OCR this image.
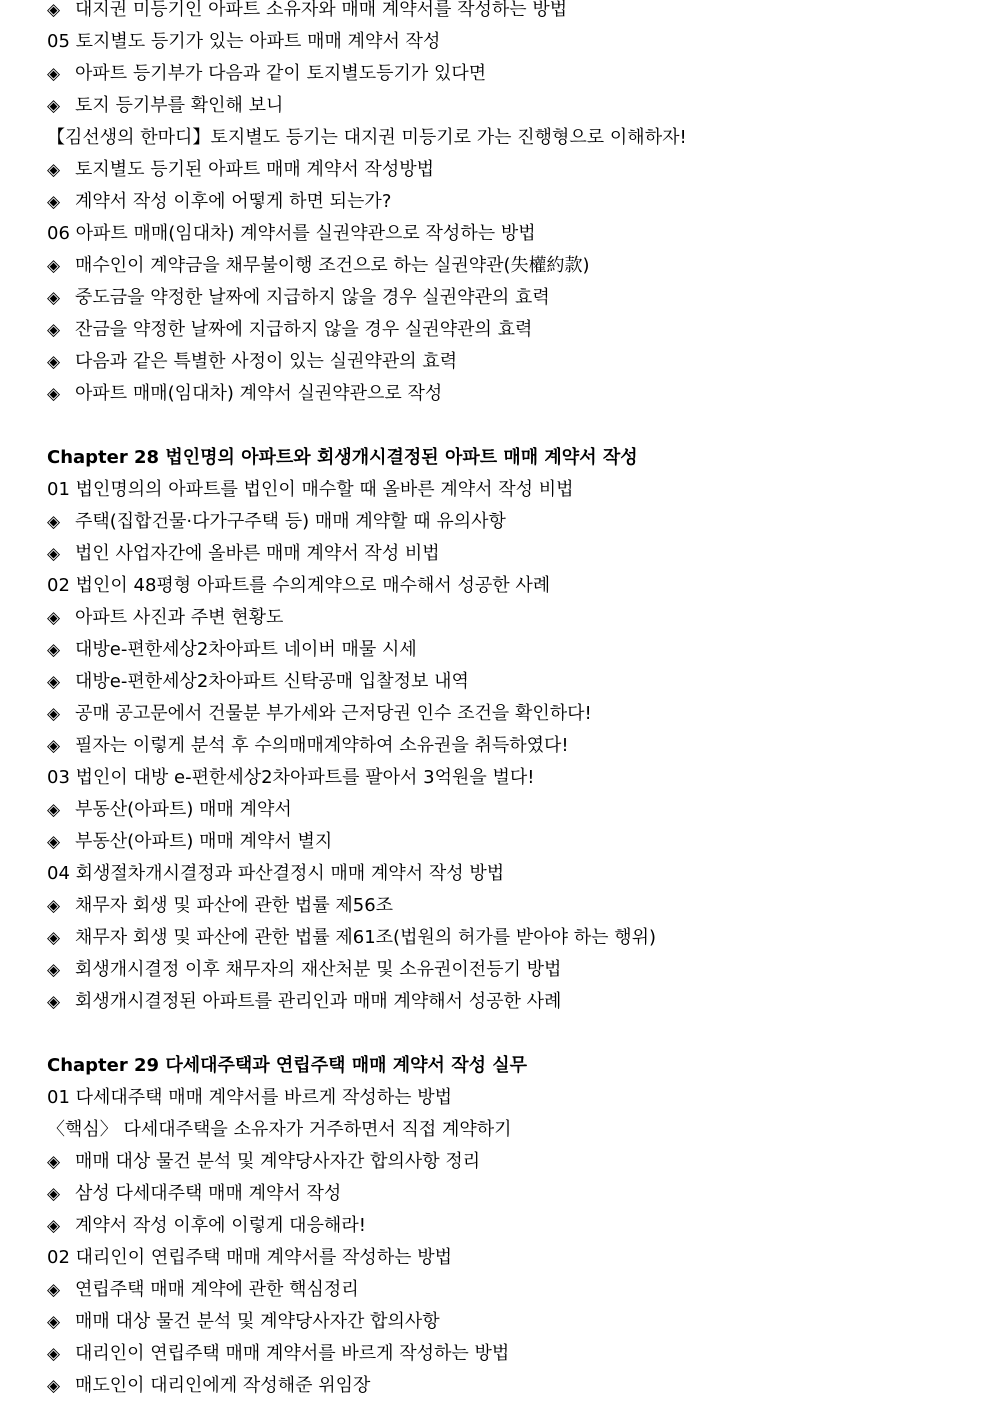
◈ 대지권 미등기인 아파트 소유자와 매매 계약서를 작성하는 방법
05 토지별도 등기가 있는 아파트 매매 계약서 작성
◈ 아파트 등기부가 다음과 같이 토지별도등기가 있다면
◈ 토지 등기부를 확인해 보니
【김선생의 한마디】토지별도 등기는 대지권 미등기로 가는 진행형으로 이해하자!
◈ 토지별도 등기된 아파트 매매 계약서 작성방법
◈ 계약서 작성 이후에 어떻게 하면 되는가?
06 아파트 매매(임대차) 계약서를 실권약관으로 작성하는 방법
◈ 매수인이 계약금을 채무불이행 조건으로 하는 실권약관(失權約款)
◈ 중도금을 약정한 날짜에 지급하지 않을 경우 실권약관의 효력
◈ 잔금을 약정한 날짜에 지급하지 않을 경우 실권약관의 효력
◈ 다음과 같은 특별한 사정이 있는 실권약관의 효력
◈ 아파트 매매(임대차) 계약서 실권약관으로 작성
Chapter 28 법인명의 아파트와 회생개시결정된 아파트 매매 계약서 작성
01 법인명의의 아파트를 법인이 매수할 때 올바른 계약서 작성 비법
◈ 주택(집합건물·다가구주택 등) 매매 계약할 때 유의사항
◈ 법인 사업자간에 올바른 매매 계약서 작성 비법
02 법인이 48평형 아파트를 수의계약으로 매수해서 성공한 사례
◈ 아파트 사진과 주변 현황도
◈ 대방e-편한세상2차아파트 네이버 매물 시세
◈ 대방e-편한세상2차아파트 신탁공매 입찰정보 내역
◈ 공매 공고문에서 건물분 부가세와 근저당권 인수 조건을 확인하다!
◈ 필자는 이렇게 분석 후 수의매매계약하여 소유권을 취득하였다!
03 법인이 대방 e-편한세상2차아파트를 팔아서 3억원을 벌다!
◈ 부동산(아파트) 매매 계약서
◈ 부동산(아파트) 매매 계약서 별지
04 회생절차개시결정과 파산결정시 매매 계약서 작성 방법
◈ 채무자 회생 및 파산에 관한 법률 제56조
◈ 채무자 회생 및 파산에 관한 법률 제61조(법원의 허가를 받아야 하는 행위)
◈ 회생개시결정 이후 채무자의 재산처분 및 소유권이전등기 방법
◈ 회생개시결정된 아파트를 관리인과 매매 계약해서 성공한 사례
Chapter 29 다세대주택과 연립주택 매매 계약서 작성 실무
01 다세대주택 매매 계약서를 바르게 작성하는 방법
〈핵심〉 다세대주택을 소유자가 거주하면서 직접 계약하기
◈ 매매 대상 물건 분석 및 계약당사자간 합의사항 정리
◈ 삼성 다세대주택 매매 계약서 작성
◈ 계약서 작성 이후에 이렇게 대응해라!
02 대리인이 연립주택 매매 계약서를 작성하는 방법
◈ 연립주택 매매 계약에 관한 핵심정리
◈ 매매 대상 물건 분석 및 계약당사자간 합의사항
◈ 대리인이 연립주택 매매 계약서를 바르게 작성하는 방법
◈ 매도인이 대리인에게 작성해준 위임장
